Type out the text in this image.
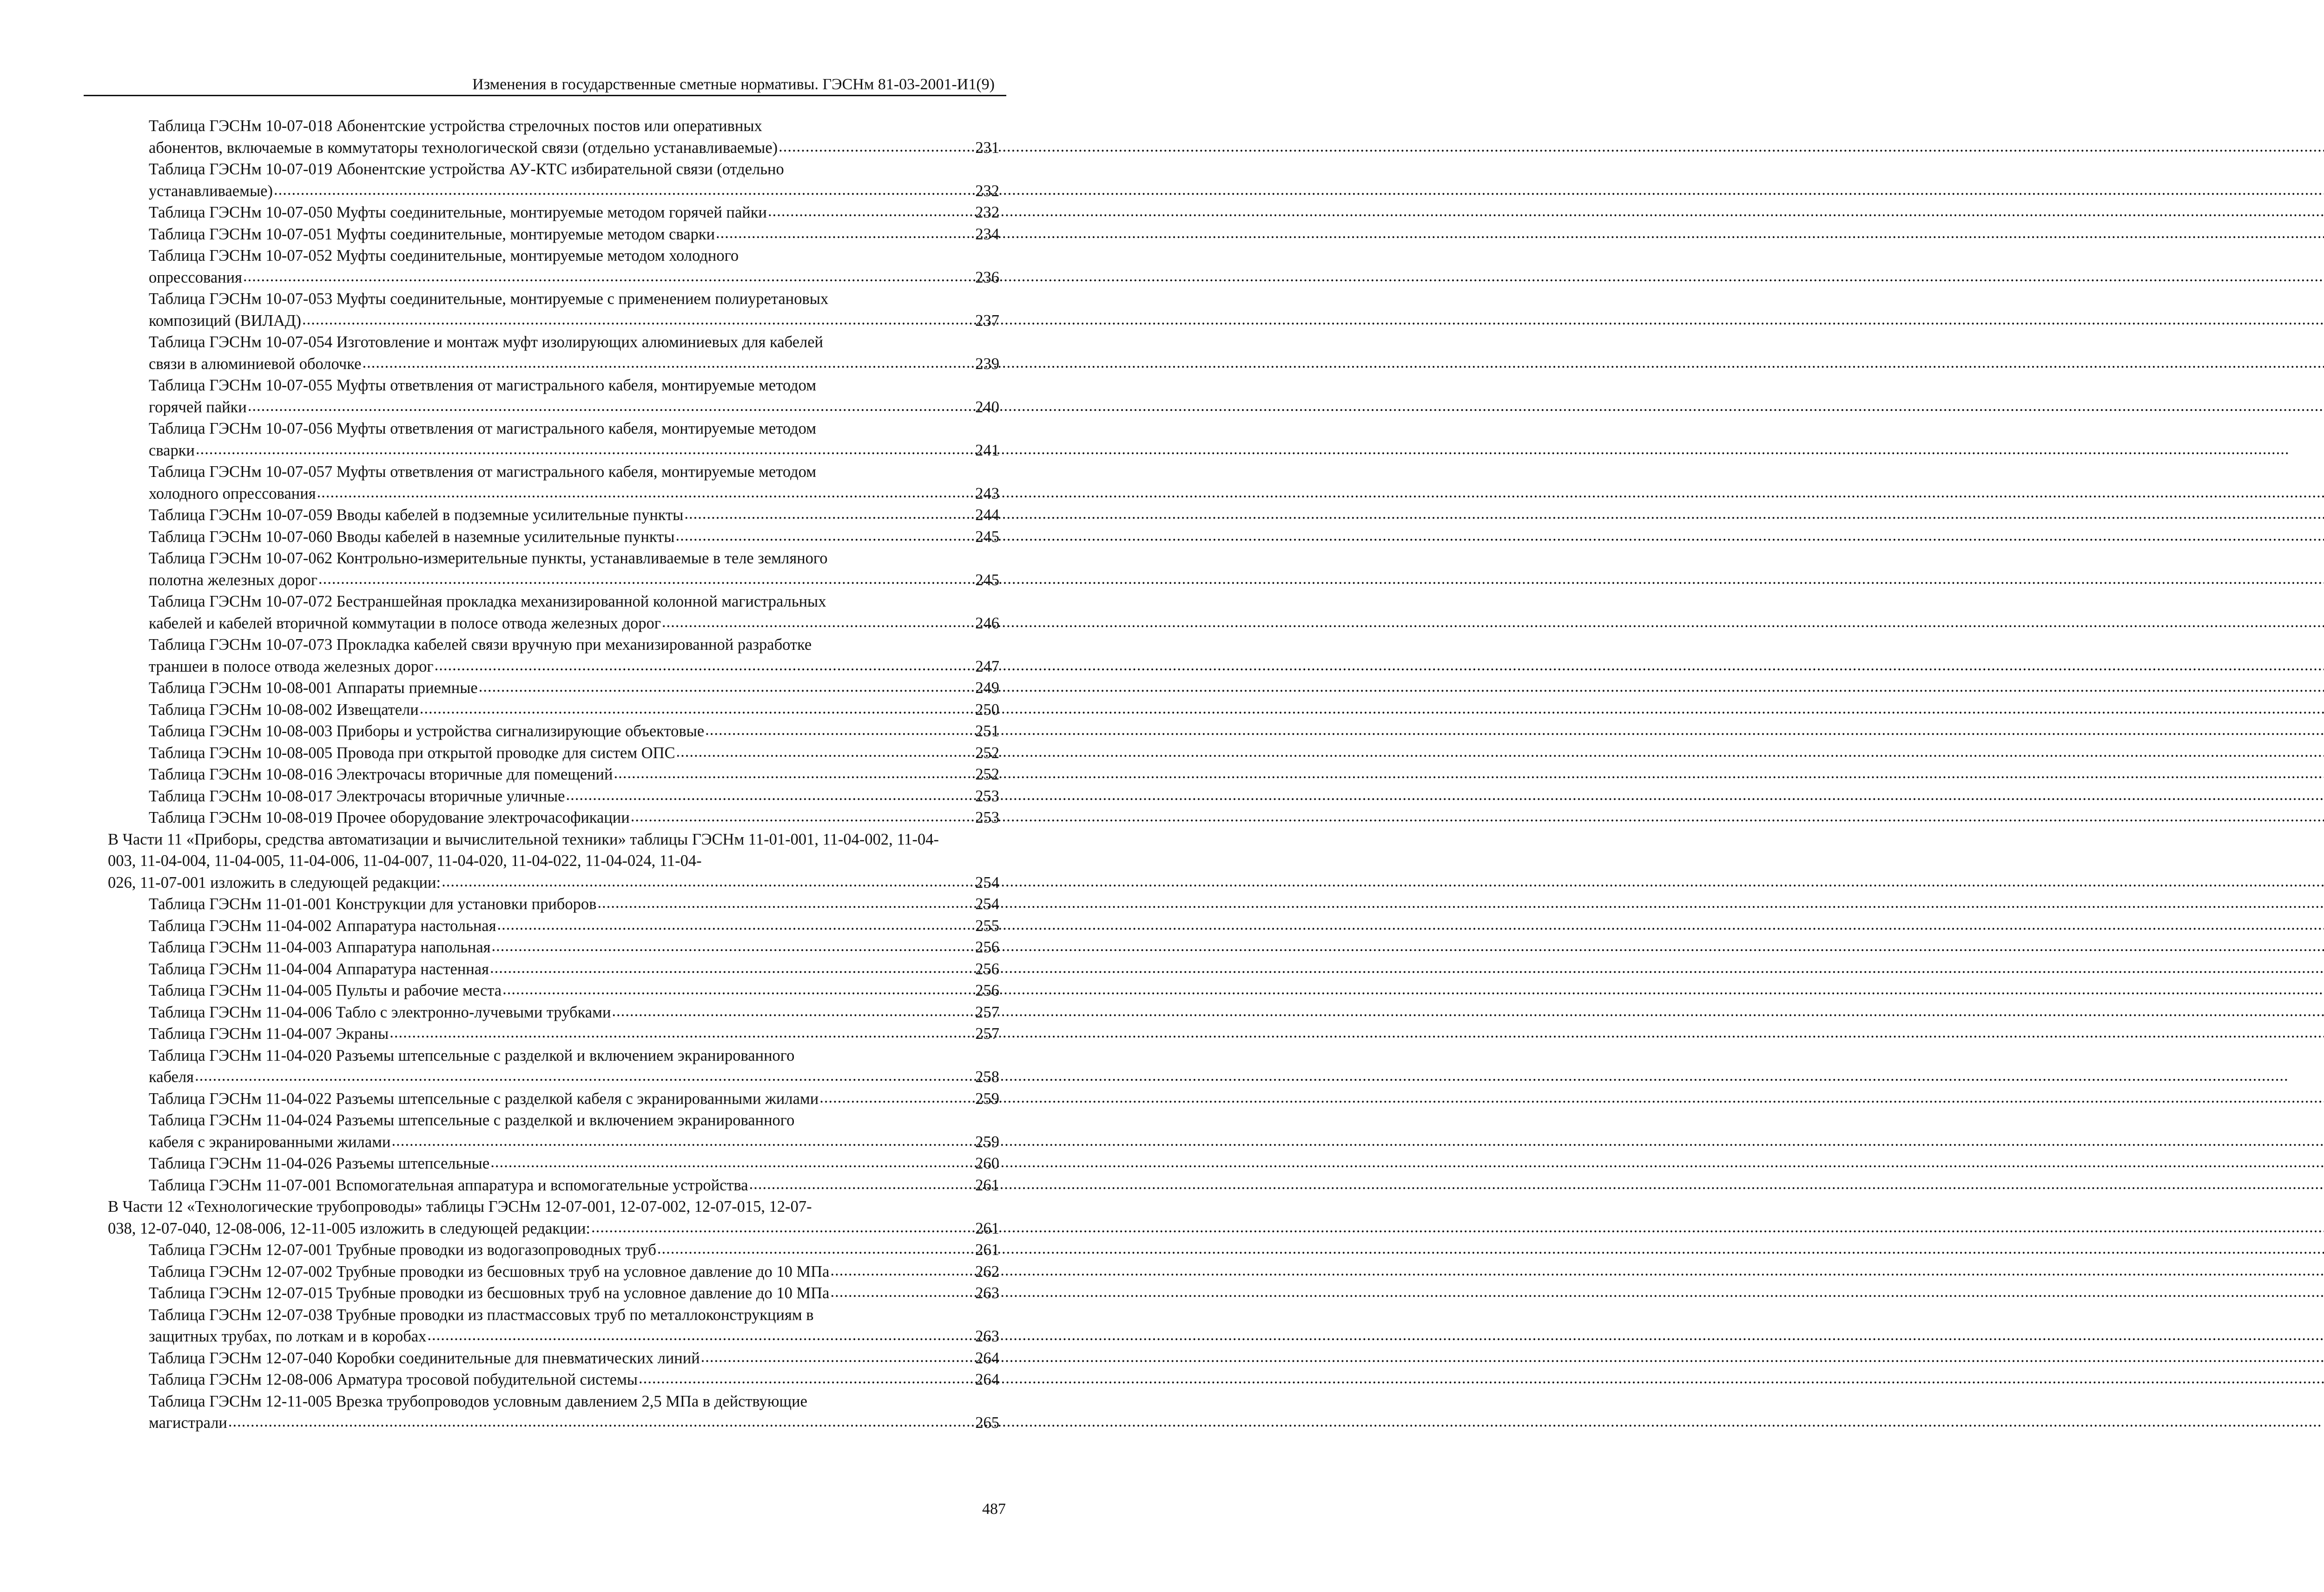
Изменения в государственные сметные нормативы. ГЭСНм 81-03-2001-И1(9)
Таблица ГЭСНм 10-07-018 Абонентские устройства стрелочных постов или оперативных
абонентов, включаемые в коммутаторы технологической связи (отдельно устанавливаемые) .....	231
Таблица ГЭСНм 10-07-019 Абонентские устройства АУ-КТС избирательной связи (отдельно
устанавливаемые) .....	232
Таблица ГЭСНм 10-07-050 Муфты соединительные, монтируемые методом горячей пайки .....	232
Таблица ГЭСНм 10-07-051 Муфты соединительные, монтируемые методом сварки .....	234
Таблица ГЭСНм 10-07-052 Муфты соединительные, монтируемые методом холодного
опрессования .....	236
Таблица ГЭСНм 10-07-053 Муфты соединительные, монтируемые с применением полиуретановых
композиций (ВИЛАД) .....	237
Таблица ГЭСНм 10-07-054 Изготовление и монтаж муфт изолирующих алюминиевых для кабелей
связи в алюминиевой оболочке .....	239
Таблица ГЭСНм 10-07-055 Муфты ответвления от магистрального кабеля, монтируемые методом
горячей пайки .....	240
Таблица ГЭСНм 10-07-056 Муфты ответвления от магистрального кабеля, монтируемые методом
сварки .....	241
Таблица ГЭСНм 10-07-057 Муфты ответвления от магистрального кабеля, монтируемые методом
холодного опрессования .....	243
Таблица ГЭСНм 10-07-059 Вводы кабелей в подземные усилительные пункты .....	244
Таблица ГЭСНм 10-07-060 Вводы кабелей в наземные усилительные пункты .....	245
Таблица ГЭСНм 10-07-062 Контрольно-измерительные пункты, устанавливаемые в теле земляного
полотна железных дорог .....	245
Таблица ГЭСНм 10-07-072 Бестраншейная прокладка механизированной колонной магистральных
кабелей и кабелей вторичной коммутации в полосе отвода железных дорог .....	246
Таблица ГЭСНм 10-07-073 Прокладка кабелей связи вручную при механизированной разработке
траншеи в полосе отвода железных дорог .....	247
Таблица ГЭСНм 10-08-001 Аппараты приемные .....	249
Таблица ГЭСНм 10-08-002 Извещатели .....	250
Таблица ГЭСНм 10-08-003 Приборы и устройства сигнализирующие объектовые .....	251
Таблица ГЭСНм 10-08-005 Провода при открытой проводке для систем ОПС .....	252
Таблица ГЭСНм 10-08-016 Электрочасы вторичные для помещений .....	252
Таблица ГЭСНм 10-08-017 Электрочасы вторичные уличные .....	253
Таблица ГЭСНм 10-08-019 Прочее оборудование электрочасофикации .....	253
В Части 11 «Приборы, средства автоматизации и вычислительной техники» таблицы ГЭСНм 11-01-001, 11-04-002, 11-04-003, 11-04-004, 11-04-005, 11-04-006, 11-04-007, 11-04-020, 11-04-022, 11-04-024, 11-04-
026, 11-07-001 изложить в следующей редакции: .....	254
Таблица ГЭСНм 11-01-001 Конструкции для установки приборов .....	254
Таблица ГЭСНм 11-04-002 Аппаратура настольная .....	255
Таблица ГЭСНм 11-04-003 Аппаратура напольная .....	256
Таблица ГЭСНм 11-04-004 Аппаратура настенная .....	256
Таблица ГЭСНм 11-04-005 Пульты и рабочие места .....	256
Таблица ГЭСНм 11-04-006 Табло с электронно-лучевыми трубками .....	257
Таблица ГЭСНм 11-04-007 Экраны .....	257
Таблица ГЭСНм 11-04-020 Разъемы штепсельные с разделкой и включением экранированного
кабеля .....	258
Таблица ГЭСНм 11-04-022 Разъемы штепсельные с разделкой кабеля с экранированными жилами .....	259
Таблица ГЭСНм 11-04-024 Разъемы штепсельные с разделкой и включением экранированного
кабеля с экранированными жилами .....	259
Таблица ГЭСНм 11-04-026 Разъемы штепсельные .....	260
Таблица ГЭСНм 11-07-001 Вспомогательная аппаратура и вспомогательные устройства .....	261
В Части 12 «Технологические трубопроводы» таблицы ГЭСНм 12-07-001, 12-07-002, 12-07-015, 12-07-
038, 12-07-040, 12-08-006, 12-11-005 изложить в следующей редакции: .....	261
Таблица ГЭСНм 12-07-001 Трубные проводки из водогазопроводных труб .....	261
Таблица ГЭСНм 12-07-002 Трубные проводки из бесшовных труб на условное давление до 10 МПа .....	262
Таблица ГЭСНм 12-07-015 Трубные проводки из бесшовных труб на условное давление до 10 МПа .....	263
Таблица ГЭСНм 12-07-038 Трубные проводки из пластмассовых труб по металлоконструкциям в
защитных трубах, по лоткам и в коробах .....	263
Таблица ГЭСНм 12-07-040 Коробки соединительные для пневматических линий .....	264
Таблица ГЭСНм 12-08-006 Арматура тросовой побудительной системы .....	264
Таблица ГЭСНм 12-11-005 Врезка трубопроводов условным давлением 2,5 МПа в действующие
магистрали .....	265
487
